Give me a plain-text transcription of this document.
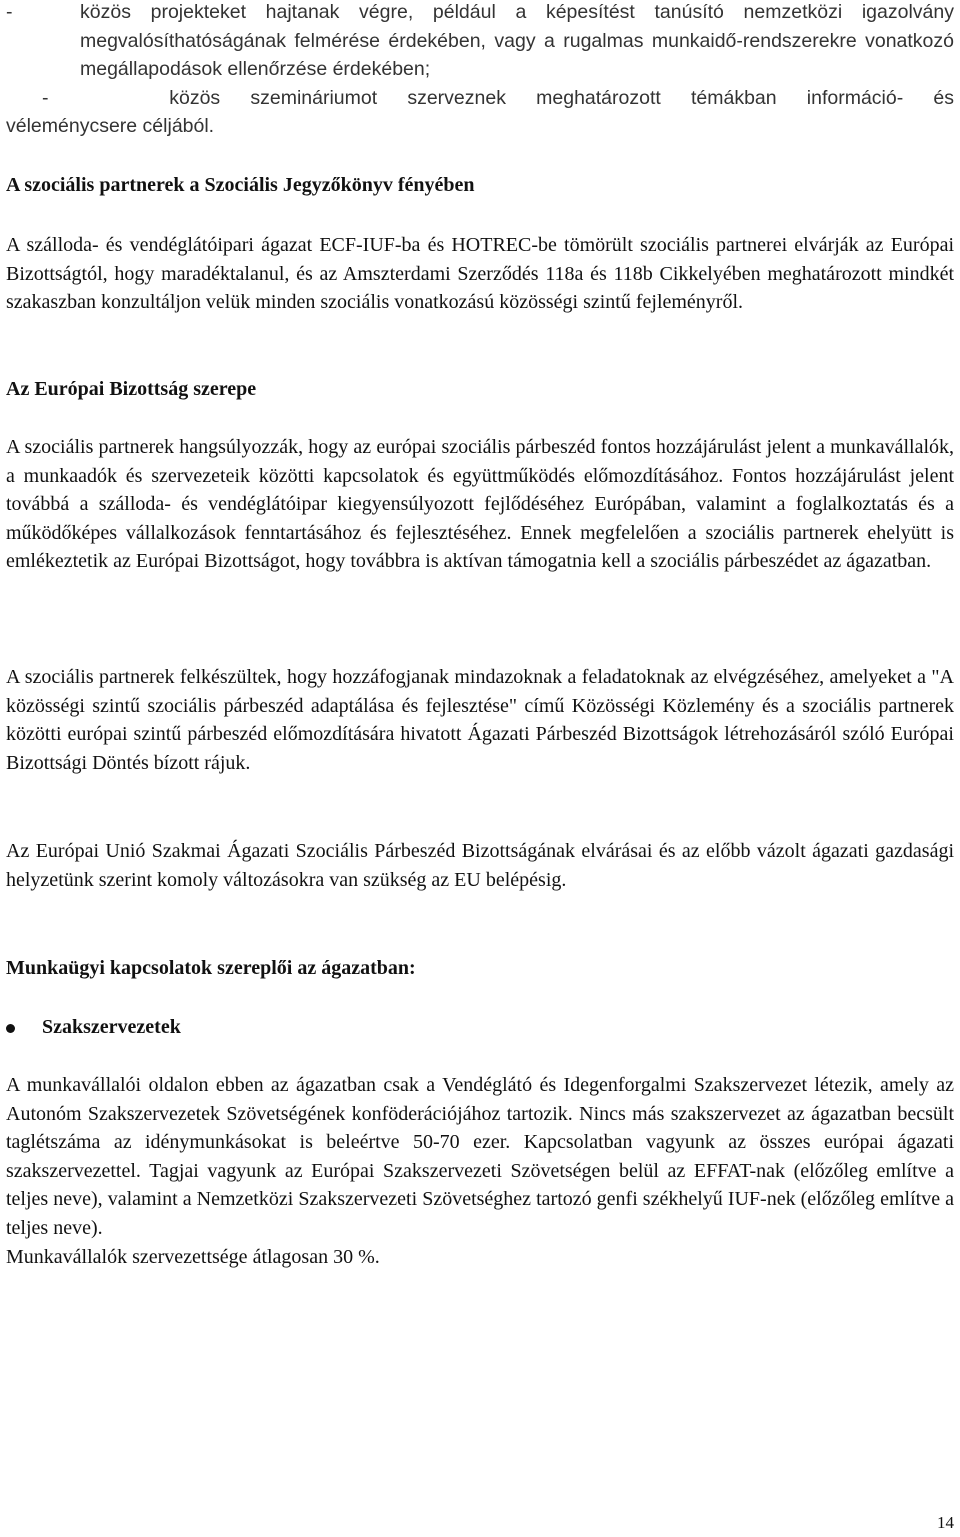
-	közös projekteket hajtanak végre, például a képesítést tanúsító nemzetközi igazolvány megvalósíthatóságának felmérése érdekében, vagy a rugalmas munkaidő-rendszerekre vonatkozó megállapodások ellenőrzése érdekében;
-	közös szemináriumot szerveznek meghatározott témákban információ- és
véleménycsere céljából.
A szociális partnerek a Szociális Jegyzőkönyv fényében

A szálloda- és vendéglátóipari ágazat ECF-IUF-ba és HOTREC-be tömörült szociális partnerei elvárják az Európai Bizottságtól, hogy maradéktalanul, és az Amszterdami Szerződés 118a és 118b Cikkelyében meghatározott mindkét szakaszban konzultáljon velük minden szociális vonatkozású közösségi szintű fejleményről.

Az Európai Bizottság szerepe

A szociális partnerek hangsúlyozzák, hogy az európai szociális párbeszéd fontos hozzájárulást jelent a munkavállalók, a munkaadók és szervezeteik közötti kapcsolatok és együttműködés előmozdításához. Fontos hozzájárulást jelent továbbá a szálloda- és vendéglátóipar kiegyensúlyozott fejlődéséhez Európában, valamint a foglalkoztatás és a működőképes vállalkozások fenntartásához és fejlesztéséhez. Ennek megfelelően a szociális partnerek ehelyütt is emlékeztetik az Európai Bizottságot, hogy továbbra is aktívan támogatnia kell a szociális párbeszédet az ágazatban.

A szociális partnerek felkészültek, hogy hozzáfogjanak mindazoknak a feladatoknak az elvégzéséhez, amelyeket a "A közösségi szintű szociális párbeszéd adaptálása és fejlesztése" című Közösségi Közlemény és a szociális partnerek közötti európai szintű párbeszéd előmozdítására hivatott Ágazati Párbeszéd Bizottságok létrehozásáról szóló Európai Bizottsági Döntés bízott rájuk.

Az Európai Unió Szakmai Ágazati Szociális Párbeszéd Bizottságának elvárásai és az előbb vázolt ágazati gazdasági helyzetünk szerint komoly változásokra van szükség az EU belépésig.

Munkaügyi kapcsolatok szereplői az ágazatban:
Szakszervezetek

A munkavállalói oldalon ebben az ágazatban csak a Vendéglátó és Idegenforgalmi Szakszervezet létezik, amely az Autonóm Szakszervezetek Szövetségének konföderációjához tartozik. Nincs más szakszervezet az ágazatban becsült taglétszáma az idénymunkásokat is beleértve 50-70 ezer. Kapcsolatban vagyunk az összes európai ágazati szakszervezettel. Tagjai vagyunk az Európai Szakszervezeti Szövetségen belül az EFFAT-nak (előzőleg említve a teljes neve), valamint a Nemzetközi Szakszervezeti Szövetséghez tartozó genfi székhelyű IUF-nek (előzőleg említve a teljes neve).

Munkavállalók szervezettsége átlagosan 30 %.

14
